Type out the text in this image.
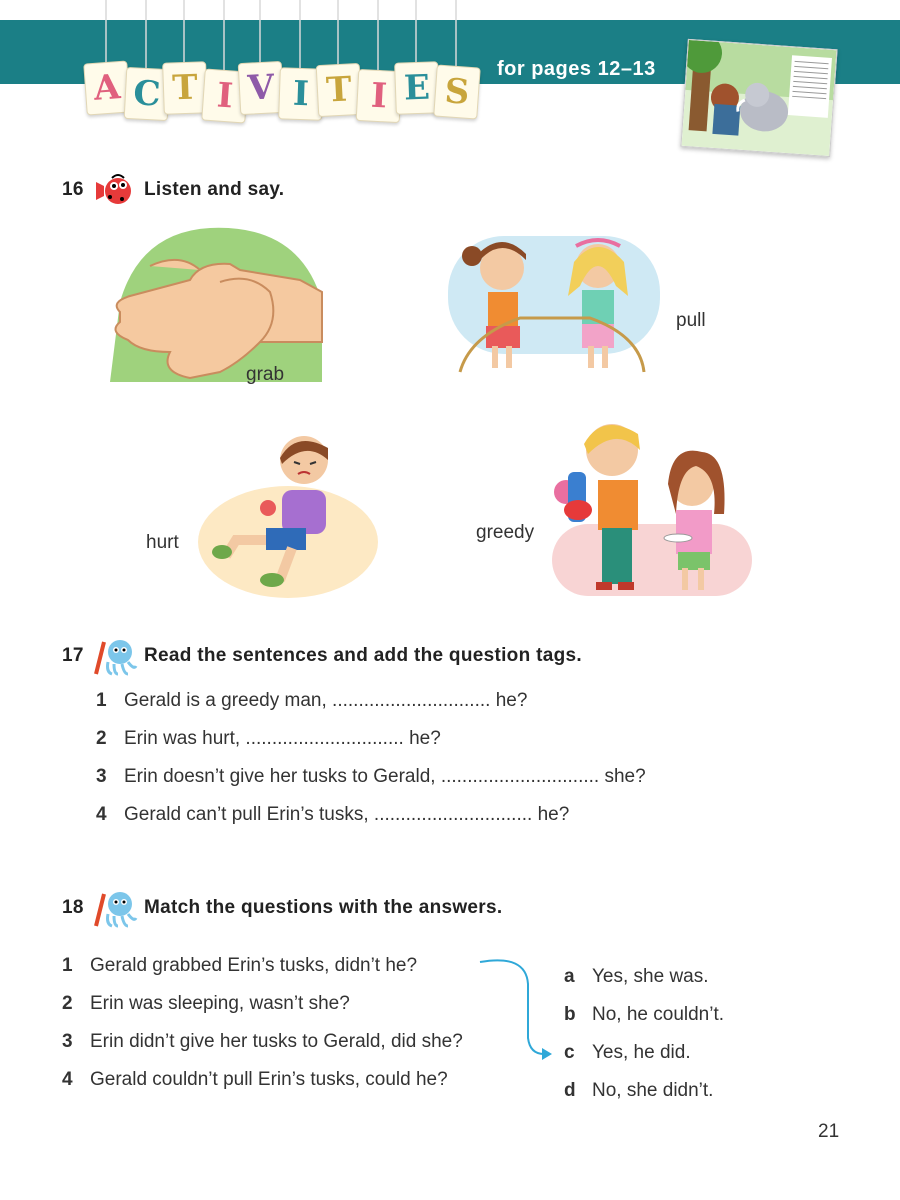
A C T I V I T I E S
for pages 12–13
16	Listen and say.
grab
pull
hurt	greedy
17	Read the sentences and add the question tags.
1 Gerald is a greedy man, .............................. he?
2 Erin was hurt, .............................. he?
3 Erin doesn’t give her tusks to Gerald, .............................. she?
4 Gerald can’t pull Erin’s tusks, .............................. he?
18	Match the questions with the answers.
1 Gerald grabbed Erin’s tusks, didn’t he?
2 Erin was sleeping, wasn’t she?
3 Erin didn’t give her tusks to Gerald, did she?
4 Gerald couldn’t pull Erin’s tusks, could he?
a Yes, she was.
b No, he couldn’t.
c Yes, he did.
d No, she didn’t.
21
